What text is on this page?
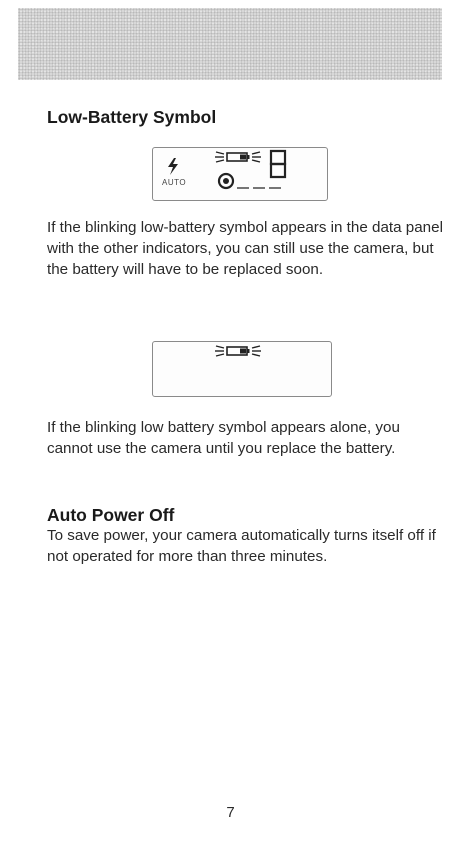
Low-Battery Symbol
AUTO

If the blinking low-battery symbol appears in the data panel with the other indicators, you can still use the camera, but the battery will have to be replaced soon.

If the blinking low battery symbol appears alone, you cannot use the camera until you replace the battery.

Auto Power Off

To save power, your camera automatically turns itself off if not operated for more than three minutes.

7
